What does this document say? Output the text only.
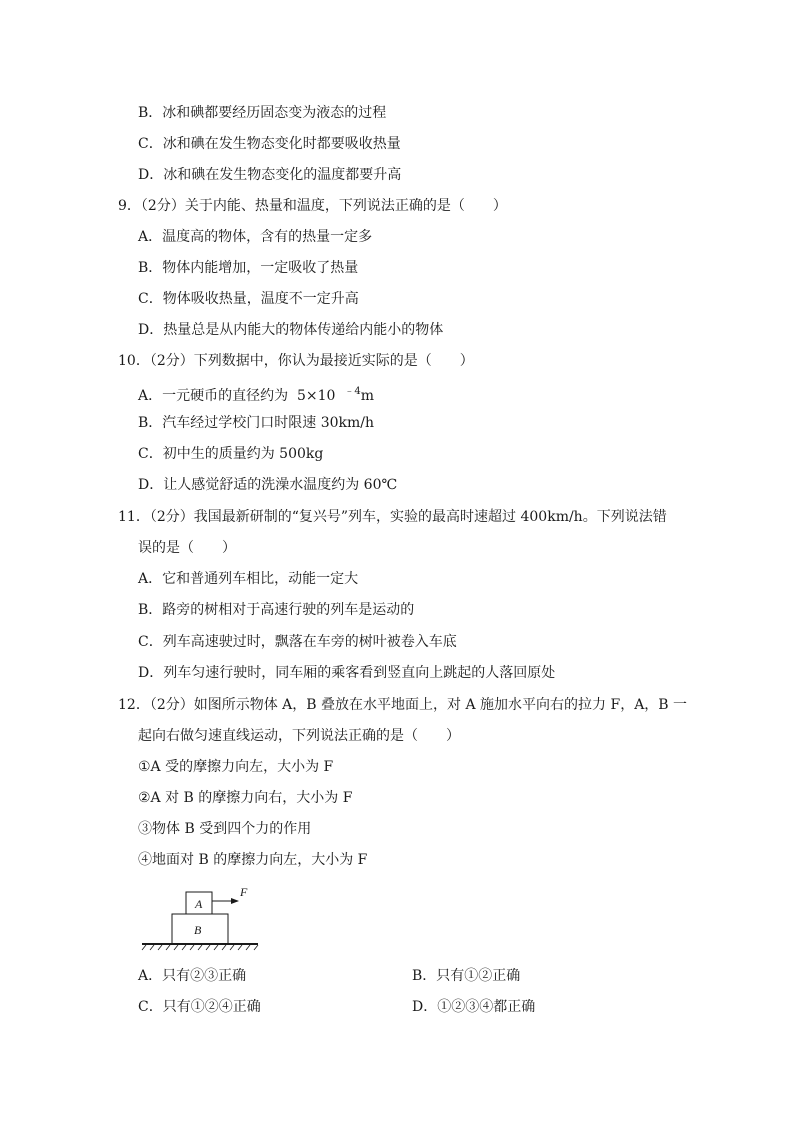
B．冰和碘都要经历固态变为液态的过程
C．冰和碘在发生物态变化时都要吸收热量
D．冰和碘在发生物态变化的温度都要升高
9．（2分）关于内能、热量和温度，下列说法正确的是（　　）
A．温度高的物体，含有的热量一定多
B．物体内能增加，一定吸收了热量
C．物体吸收热量，温度不一定升高
D．热量总是从内能大的物体传递给内能小的物体
10．（2分）下列数据中，你认为最接近实际的是（　　）
A．一元硬币的直径约为  5×10  $^{﹣4}$m
B．汽车经过学校门口时限速 30km/h
C．初中生的质量约为 500kg
D．让人感觉舒适的洗澡水温度约为 60℃
11．（2分）我国最新研制的“复兴号”列车，实验的最高时速超过 400km/h。下列说法错
误的是（　　）
A．它和普通列车相比，动能一定大
B．路旁的树相对于高速行驶的列车是运动的
C．列车高速驶过时，飘落在车旁的树叶被卷入车底
D．列车匀速行驶时，同车厢的乘客看到竖直向上跳起的人落回原处
12．（2分）如图所示物体 A，B 叠放在水平地面上，对 A 施加水平向右的拉力 F，A，B 一
起向右做匀速直线运动，下列说法正确的是（　　）
①A 受的摩擦力向左，大小为 F
②A 对 B 的摩擦力向右，大小为 F
③物体 B 受到四个力的作用
④地面对 B 的摩擦力向左，大小为 F
A
B
F
A．只有②③正确	B．只有①②正确
C．只有①②④正确	D．①②③④都正确
